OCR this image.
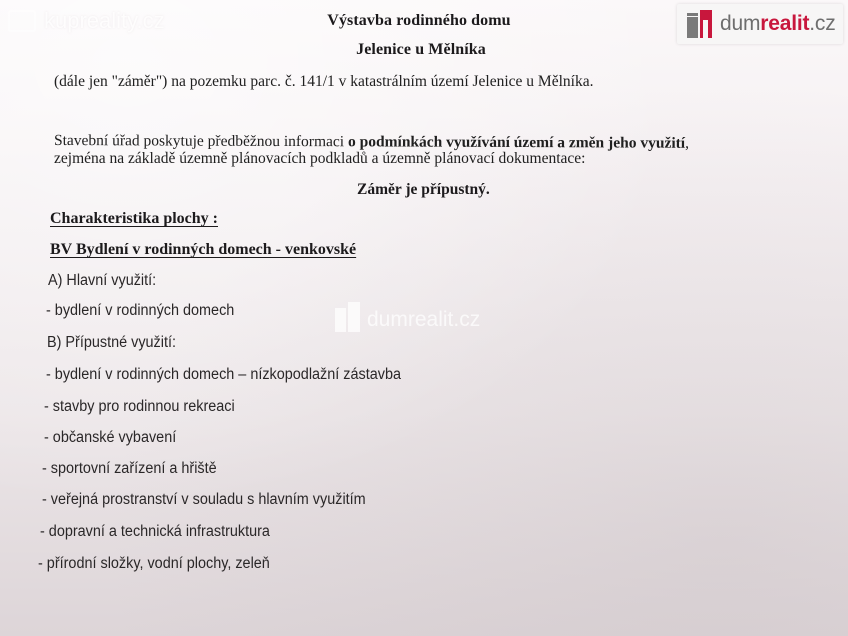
kupreality.cz	dumrealit.cz
Výstavba rodinného domu
Jelenice u Mělníka
(dále jen "záměr") na pozemku parc. č. 141/1 v katastrálním území Jelenice u Mělníka.
Stavební úřad poskytuje předběžnou informaci o podmínkách využívání území a změn jeho využití,
zejména na základě územně plánovacích podkladů a územně plánovací dokumentace:
Záměr je přípustný.
Charakteristika plochy :
BV Bydlení v rodinných domech - venkovské
A) Hlavní využití:
- bydlení v rodinných domech	dumrealit.cz
B) Přípustné využití:
- bydlení v rodinných domech – nízkopodlažní zástavba
- stavby pro rodinnou rekreaci
- občanské vybavení
- sportovní zařízení a hřiště
- veřejná prostranství v souladu s hlavním využitím
- dopravní a technická infrastruktura
- přírodní složky, vodní plochy, zeleň
